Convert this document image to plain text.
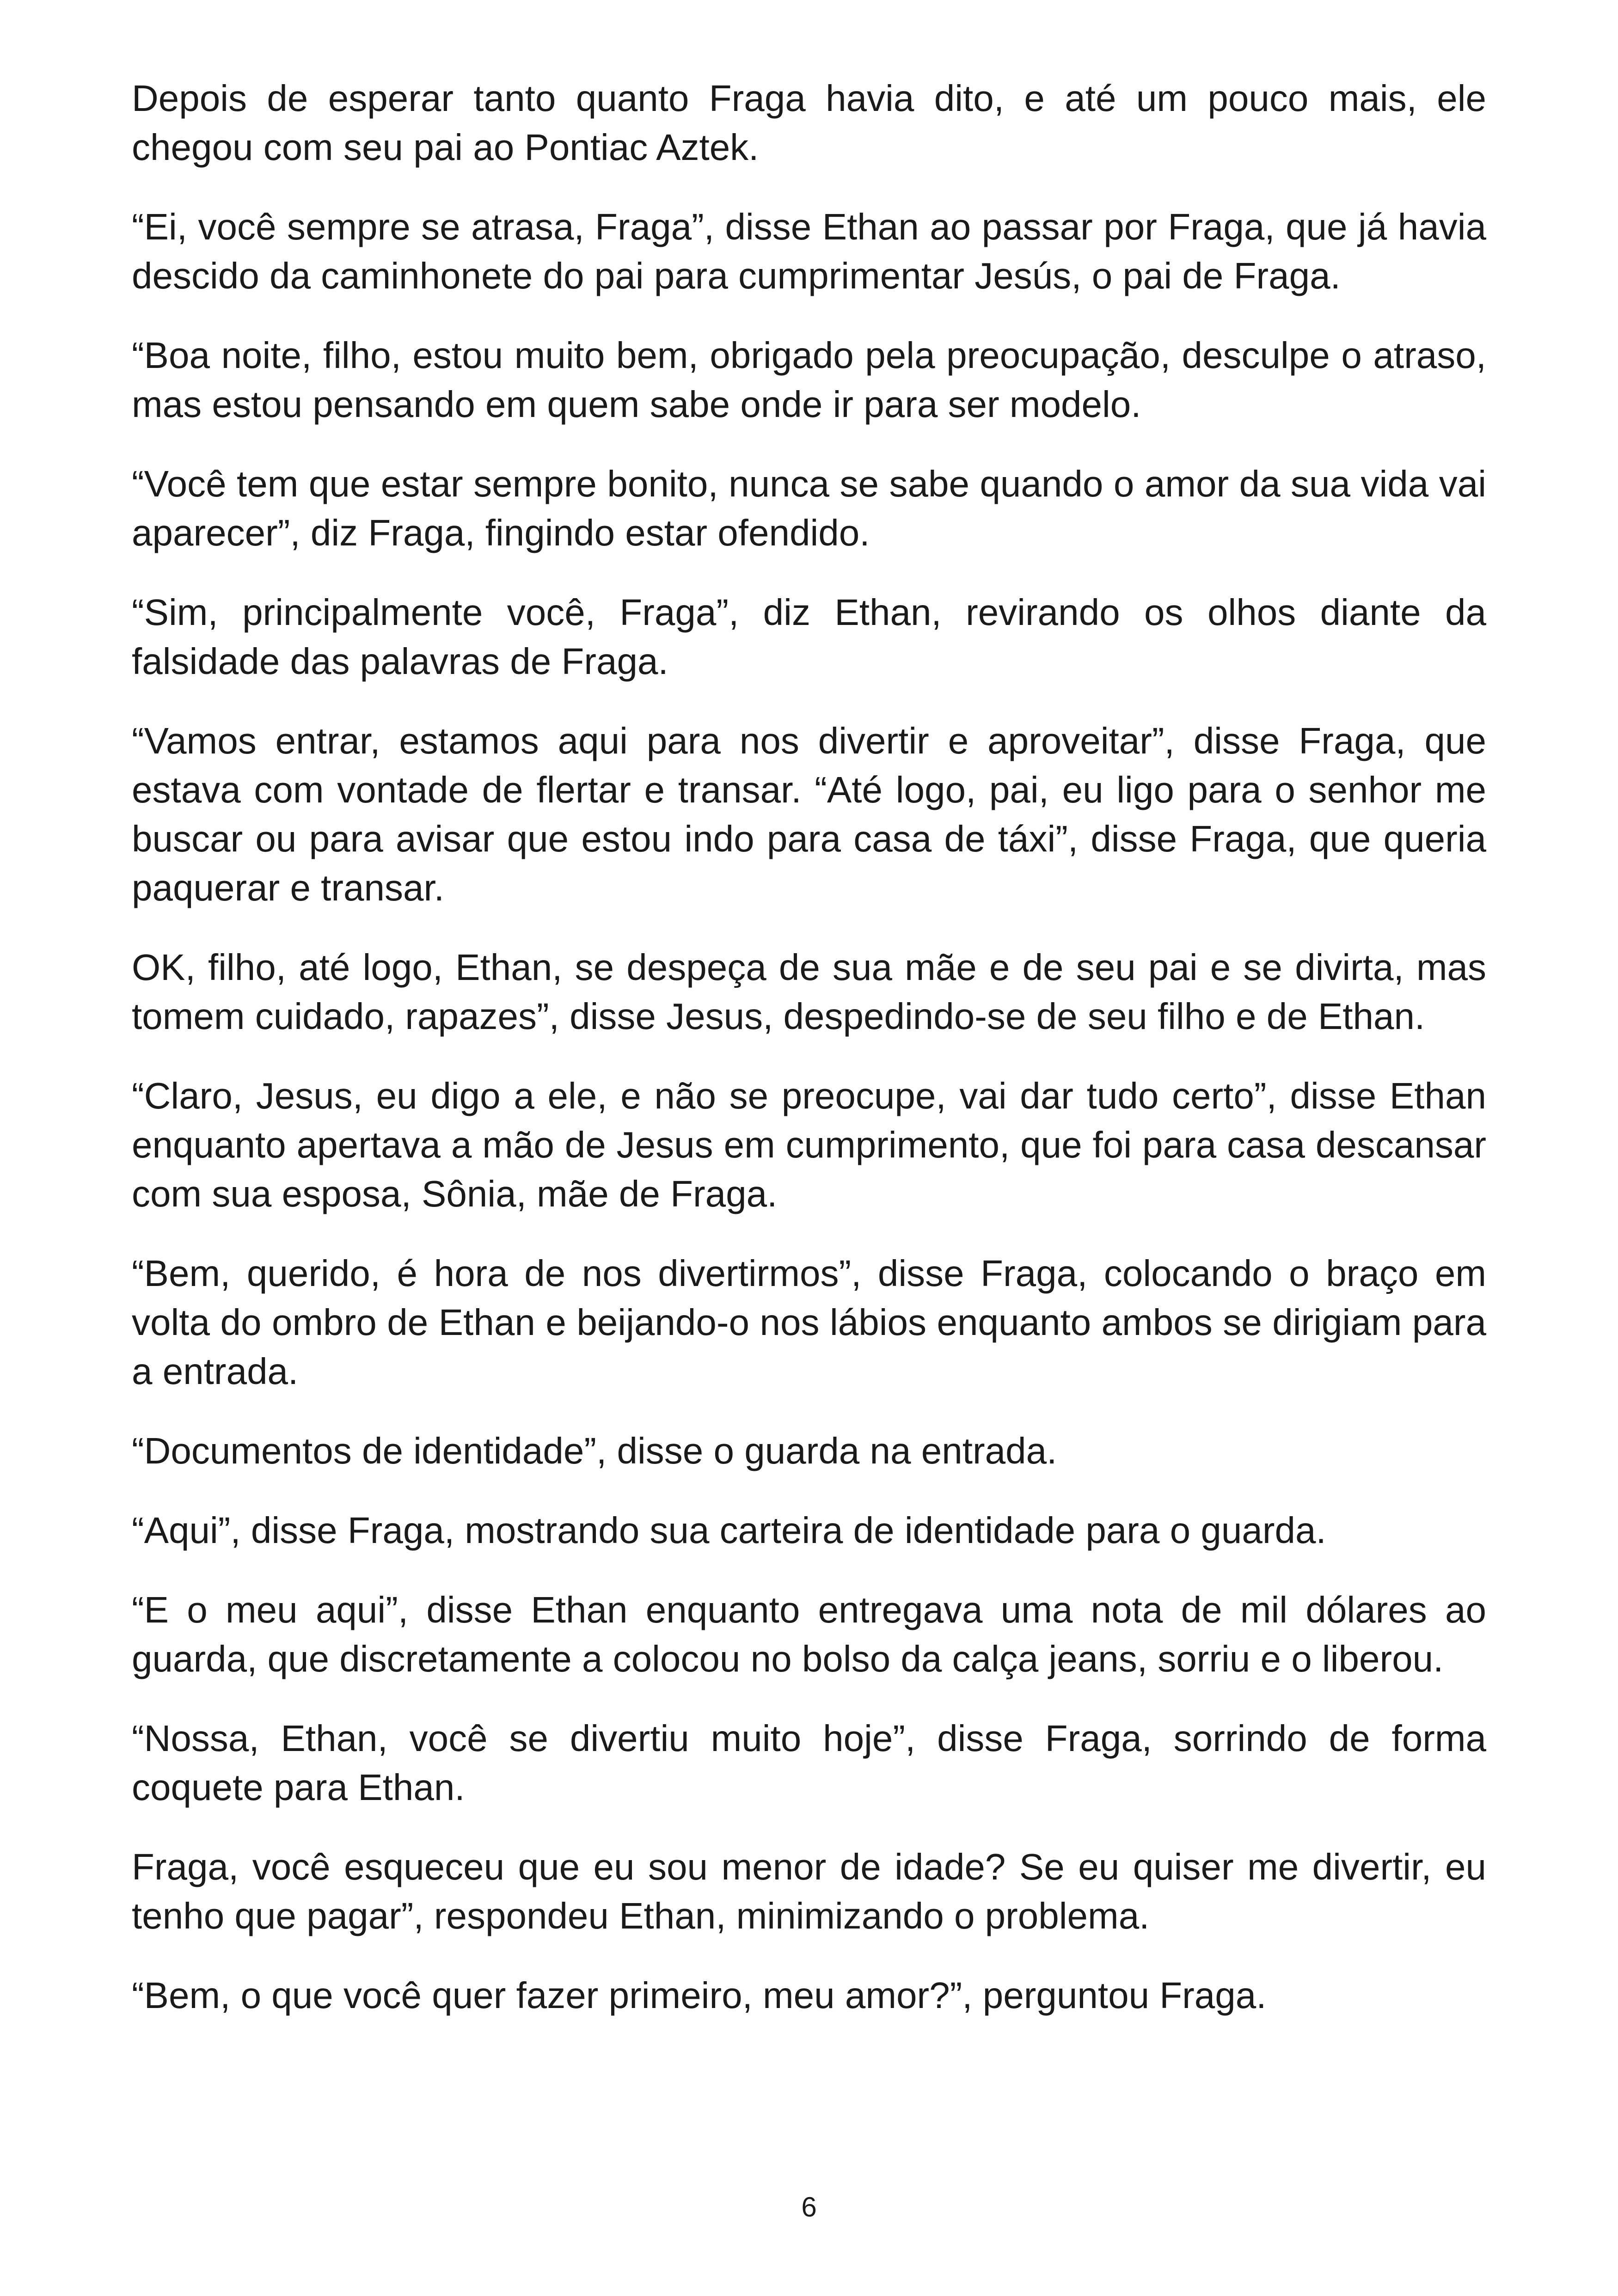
Depois de esperar tanto quanto Fraga havia dito, e até um pouco mais, ele chegou com seu pai ao Pontiac Aztek.

“Ei, você sempre se atrasa, Fraga”, disse Ethan ao passar por Fraga, que já havia descido da caminhonete do pai para cumprimentar Jesús, o pai de Fraga.

“Boa noite, filho, estou muito bem, obrigado pela preocupação, desculpe o atraso, mas estou pensando em quem sabe onde ir para ser modelo.

“Você tem que estar sempre bonito, nunca se sabe quando o amor da sua vida vai aparecer”, diz Fraga, fingindo estar ofendido.

“Sim, principalmente você, Fraga”, diz Ethan, revirando os olhos diante da falsidade das palavras de Fraga.

“Vamos entrar, estamos aqui para nos divertir e aproveitar”, disse Fraga, que estava com vontade de flertar e transar. “Até logo, pai, eu ligo para o senhor me buscar ou para avisar que estou indo para casa de táxi”, disse Fraga, que queria paquerar e transar.

OK, filho, até logo, Ethan, se despeça de sua mãe e de seu pai e se divirta, mas tomem cuidado, rapazes”, disse Jesus, despedindo-se de seu filho e de Ethan.

“Claro, Jesus, eu digo a ele, e não se preocupe, vai dar tudo certo”, disse Ethan enquanto apertava a mão de Jesus em cumprimento, que foi para casa descansar com sua esposa, Sônia, mãe de Fraga.

“Bem, querido, é hora de nos divertirmos”, disse Fraga, colocando o braço em volta do ombro de Ethan e beijando-o nos lábios enquanto ambos se dirigiam para a entrada.

“Documentos de identidade”, disse o guarda na entrada.

“Aqui”, disse Fraga, mostrando sua carteira de identidade para o guarda.

“E o meu aqui”, disse Ethan enquanto entregava uma nota de mil dólares ao guarda, que discretamente a colocou no bolso da calça jeans, sorriu e o liberou.

“Nossa, Ethan, você se divertiu muito hoje”, disse Fraga, sorrindo de forma coquete para Ethan.

Fraga, você esqueceu que eu sou menor de idade? Se eu quiser me divertir, eu tenho que pagar”, respondeu Ethan, minimizando o problema.

“Bem, o que você quer fazer primeiro, meu amor?”, perguntou Fraga.

6
